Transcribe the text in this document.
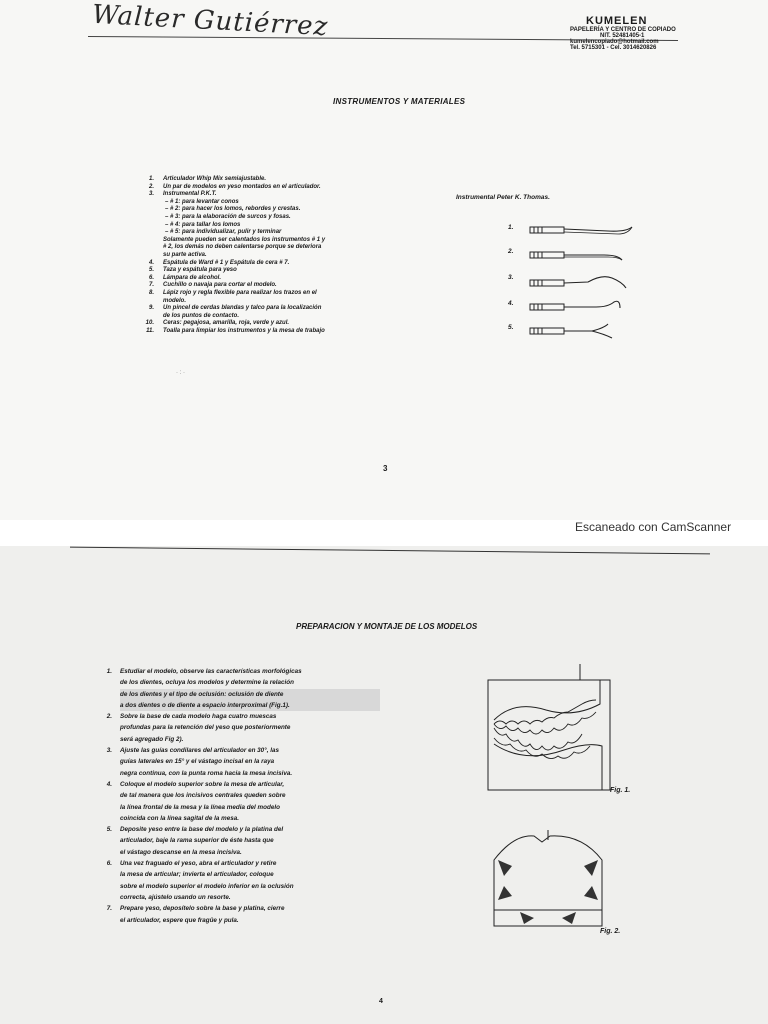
Walter Gutiérrez	KUMELEN
PAPELERÍA Y CENTRO DE COPIADO
NIT. 52481405-1
kumelencopiado@hotmail.com
Tel. 5715301 - Cel. 3014620826
INSTRUMENTOS Y MATERIALES
1. Articulador Whip Mix semiajustable.
2. Un par de modelos en yeso montados en el articulador.
3. Instrumental P.K.T.
– # 1: para levantar conos
– # 2: para hacer los lomos, rebordes y crestas.
– # 3: para la elaboración de surcos y fosas.
– # 4: para tallar los lomos
– # 5: para individualizar, pulir y terminar
Solamente pueden ser calentados los instrumentos # 1 y
# 2, los demás no deben calentarse porque se deteriora
su parte activa.
4. Espátula de Ward # 1 y Espátula de cera # 7.
5. Taza y espátula para yeso
6. Lámpara de alcohol.
7. Cuchillo o navaja para cortar el modelo.
8. Lápiz rojo y regla flexible para realizar los trazos en el
modelo.
9. Un pincel de cerdas blandas y talco para la localización
de los puntos de contacto.
10. Ceras: pegajosa, amarilla, roja, verde y azul.
11. Toalla para limpiar los instrumentos y la mesa de trabajo
Instrumental Peter K. Thomas.
1.
2.
3.
4.
5.
3
· : ·
Escaneado con CamScanner
PREPARACION Y MONTAJE DE LOS MODELOS
1. Estudiar el modelo, observe las características morfológicas
de los dientes, ocluya los modelos y determine la relación
de los dientes y el tipo de oclusión: oclusión de diente
a dos dientes o de diente a espacio interproximal (Fig.1).
2. Sobre la base de cada modelo haga cuatro muescas
profundas para la retención del yeso que posteriormente
será agregado Fig 2).
3. Ajuste las guías condilares del articulador en 30°, las
guías laterales en 15° y el vástago incisal en la raya
negra continua, con la punta roma hacia la mesa incisiva.
4. Coloque el modelo superior sobre la mesa de articular,
de tal manera que los incisivos centrales queden sobre
la línea frontal de la mesa y la línea media del modelo
coincida con la línea sagital de la mesa.
5. Deposite yeso entre la base del modelo y la platina del
articulador, baje la rama superior de éste hasta que
el vástago descanse en la mesa incisiva.
6. Una vez fraguado el yeso, abra el articulador y retire
la mesa de articular; invierta el articulador, coloque
sobre el modelo superior el modelo inferior en la oclusión
correcta, ajústelo usando un resorte.
7. Prepare yeso, deposítelo sobre la base y platina, cierre
el articulador, espere que fragüe y pula.
Fig. 1.
Fig. 2.
4
